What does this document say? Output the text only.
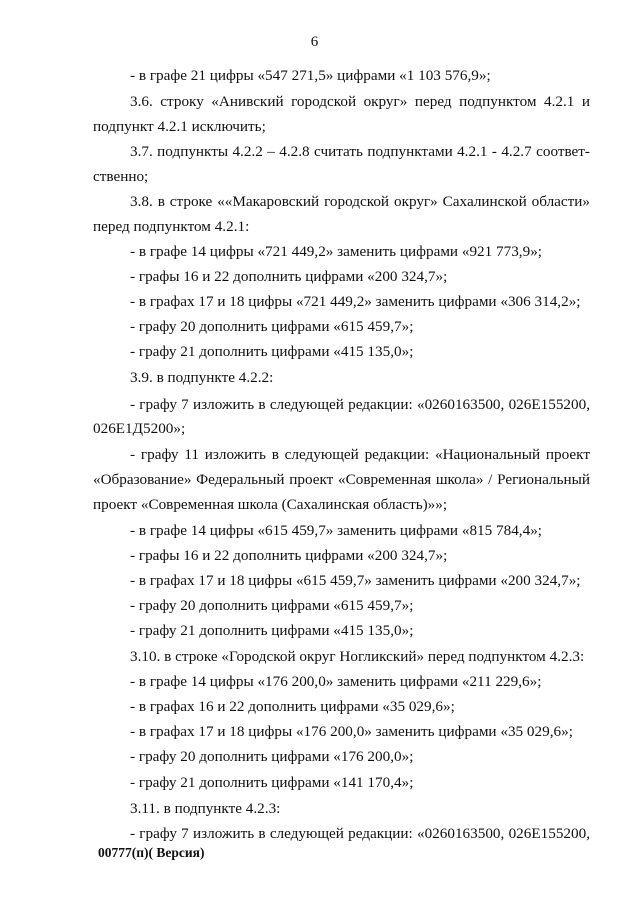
6
- в графе 21 цифры «547 271,5» цифрами «1 103 576,9»;
3.6. строку «Анивский городской округ» перед подпунктом 4.2.1 и
подпункт 4.2.1 исключить;
3.7. подпункты 4.2.2 – 4.2.8 считать подпунктами 4.2.1 - 4.2.7 соответ-
ственно;
3.8. в строке ««Макаровский городской округ» Сахалинской области»
перед подпунктом 4.2.1:
- в графе 14 цифры «721 449,2» заменить цифрами «921 773,9»;
- графы 16 и 22 дополнить цифрами «200 324,7»;
- в графах 17 и 18 цифры «721 449,2» заменить цифрами «306 314,2»;
- графу 20 дополнить цифрами «615 459,7»;
- графу 21 дополнить цифрами «415 135,0»;
3.9. в подпункте 4.2.2:
- графу 7 изложить в следующей редакции: «0260163500, 026E155200,
026E1Д5200»;
- графу 11 изложить в следующей редакции: «Национальный проект
«Образование» Федеральный проект «Современная школа» / Региональный
проект «Современная школа (Сахалинская область)»»;
- в графе 14 цифры «615 459,7» заменить цифрами «815 784,4»;
- графы 16 и 22 дополнить цифрами «200 324,7»;
- в графах 17 и 18 цифры «615 459,7» заменить цифрами «200 324,7»;
- графу 20 дополнить цифрами «615 459,7»;
- графу 21 дополнить цифрами «415 135,0»;
3.10. в строке «Городской округ Ногликский» перед подпунктом 4.2.3:
- в графе 14 цифры «176 200,0» заменить цифрами «211 229,6»;
- в графах 16 и 22 дополнить цифрами «35 029,6»;
- в графах 17 и 18 цифры «176 200,0» заменить цифрами «35 029,6»;
- графу 20 дополнить цифрами «176 200,0»;
- графу 21 дополнить цифрами «141 170,4»;
3.11. в подпункте 4.2.3:
- графу 7 изложить в следующей редакции: «0260163500, 026E155200,
00777(п)( Версия)
